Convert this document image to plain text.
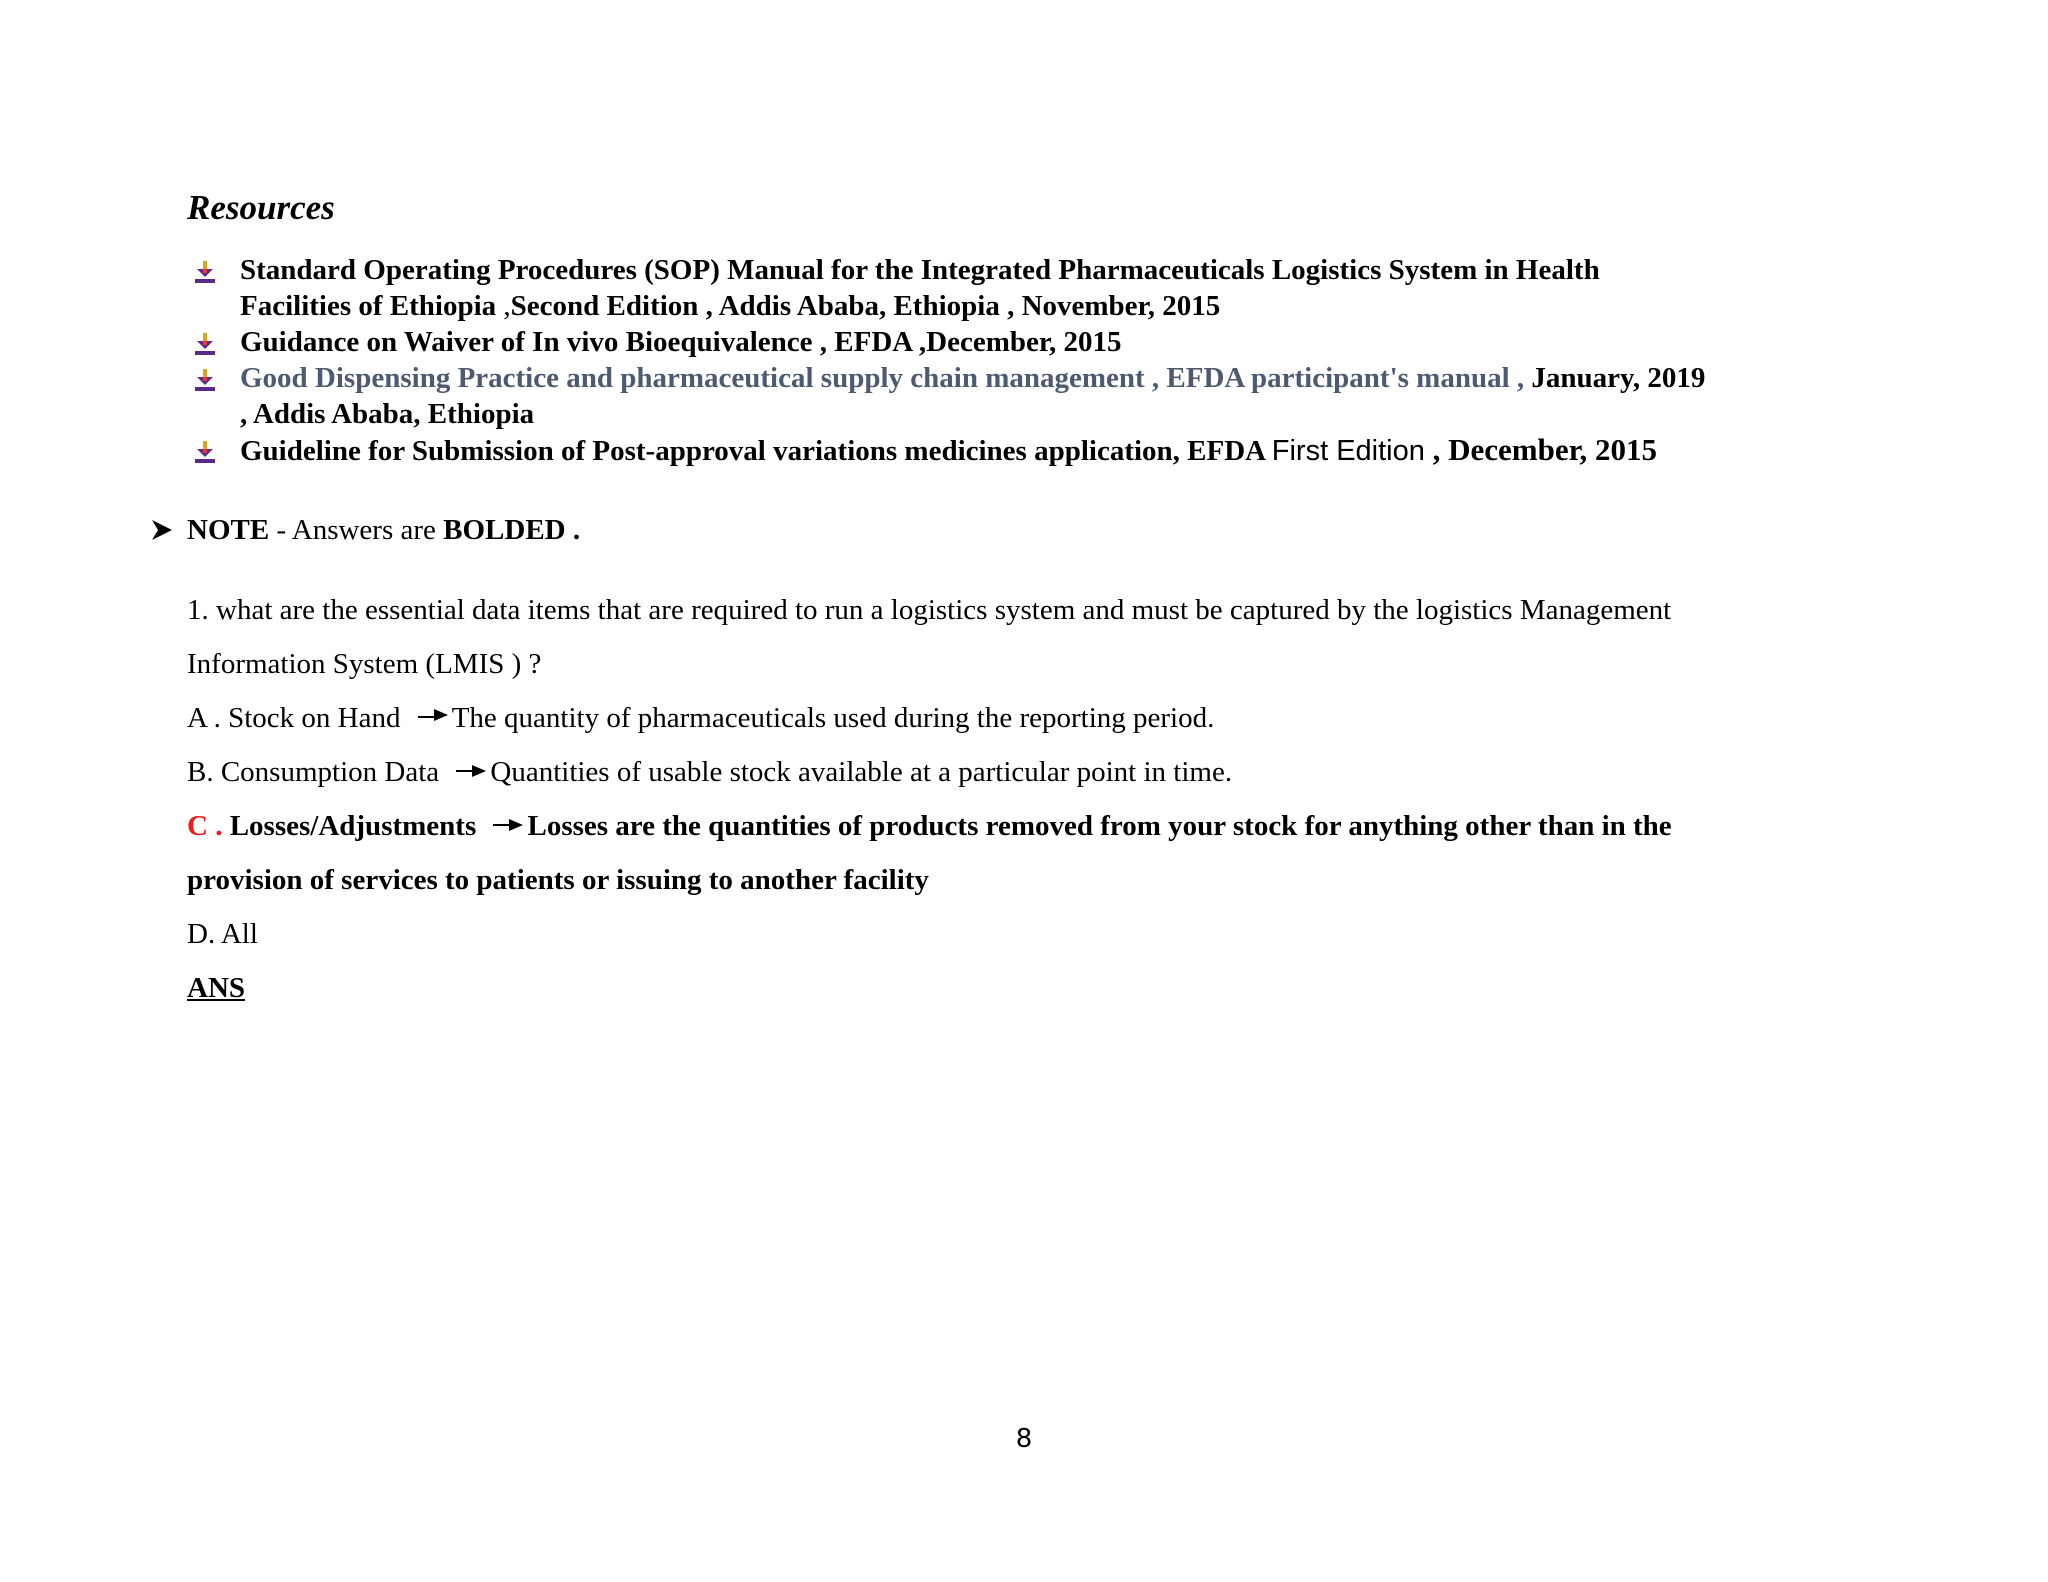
Resources
Standard Operating Procedures (SOP) Manual for the Integrated Pharmaceuticals Logistics System in Health
Facilities of Ethiopia ,Second Edition , Addis Ababa, Ethiopia , November, 2015
Guidance on Waiver of In vivo Bioequivalence , EFDA ,December, 2015
Good Dispensing Practice and pharmaceutical supply chain management , EFDA participant's manual , January, 2019
, Addis Ababa, Ethiopia
Guideline for Submission of Post-approval variations medicines application, EFDA First Edition , December, 2015
NOTE - Answers are BOLDED .
1. what are the essential data items that are required to run a logistics system and must be captured by the logistics Management
Information System (LMIS ) ?
A . Stock on Hand The quantity of pharmaceuticals used during the reporting period.
B. Consumption Data Quantities of usable stock available at a particular point in time.
C . Losses/Adjustments Losses are the quantities of products removed from your stock for anything other than in the
provision of services to patients or issuing to another facility
D. All
ANS
8
